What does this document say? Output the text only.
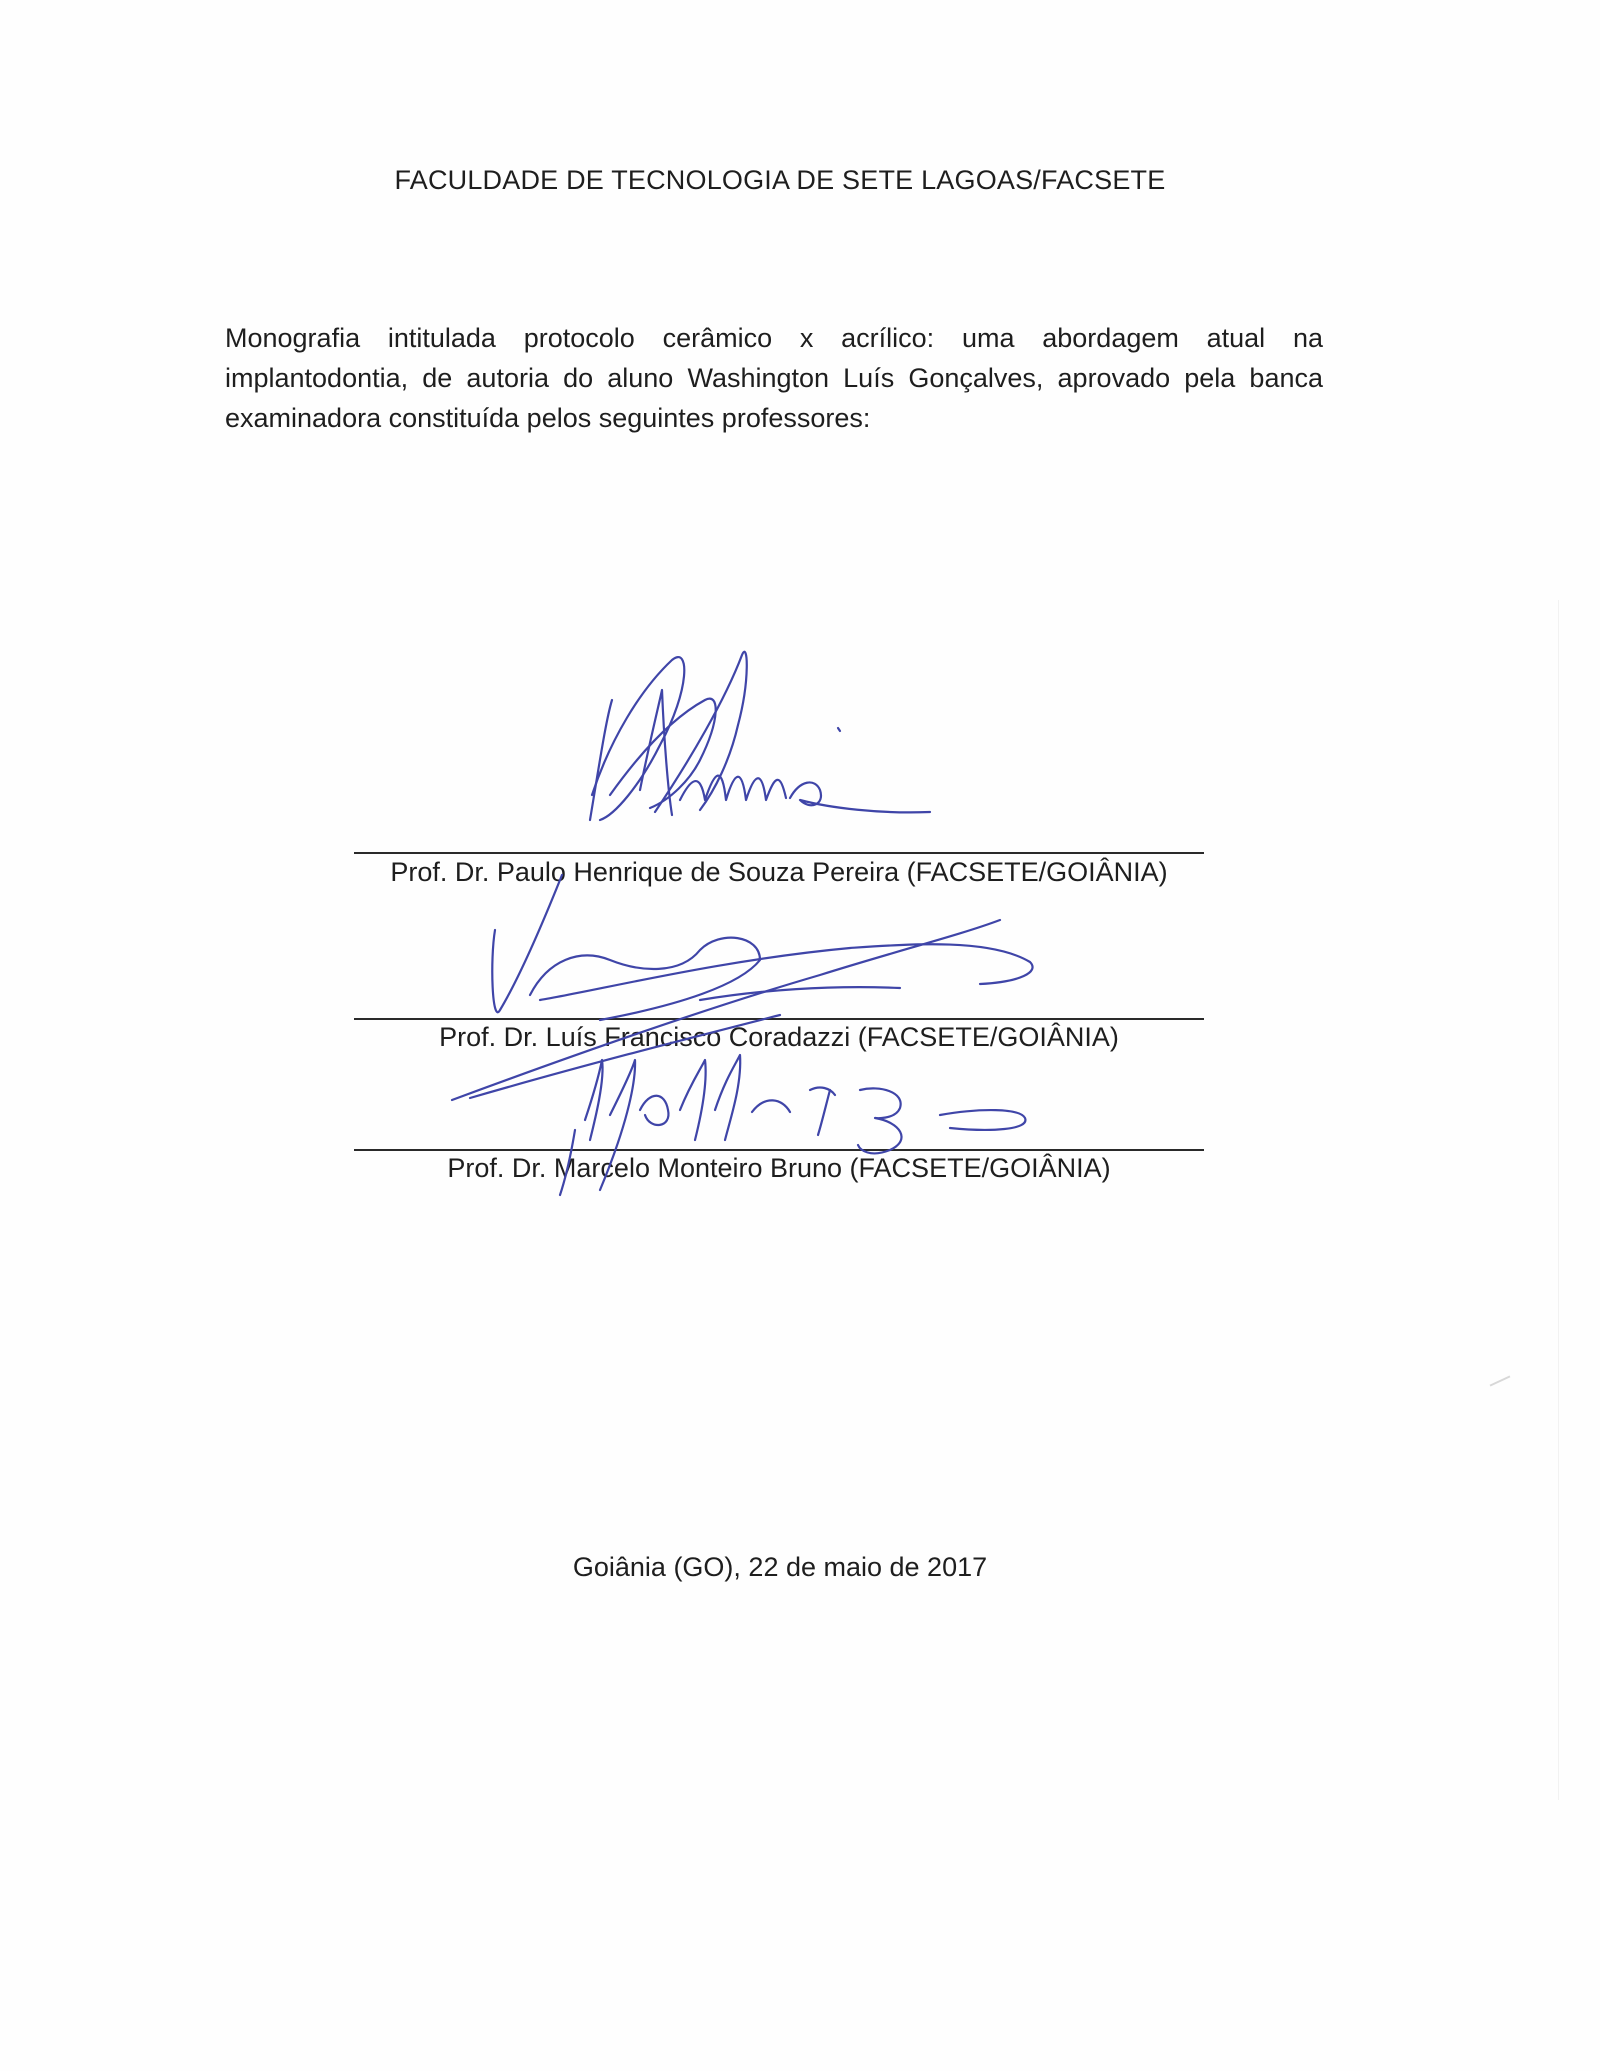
FACULDADE DE TECNOLOGIA DE SETE LAGOAS/FACSETE
Monografia intitulada protocolo cerâmico x acrílico: uma abordagem atual na implantodontia, de autoria do aluno Washington Luís Gonçalves, aprovado pela banca examinadora constituída pelos seguintes professores:
Prof. Dr. Paulo Henrique de Souza Pereira (FACSETE/GOIÂNIA)
Prof. Dr. Luís Francisco Coradazzi (FACSETE/GOIÂNIA)
Prof. Dr. Marcelo Monteiro Bruno (FACSETE/GOIÂNIA)
Goiânia (GO), 22 de maio de 2017
